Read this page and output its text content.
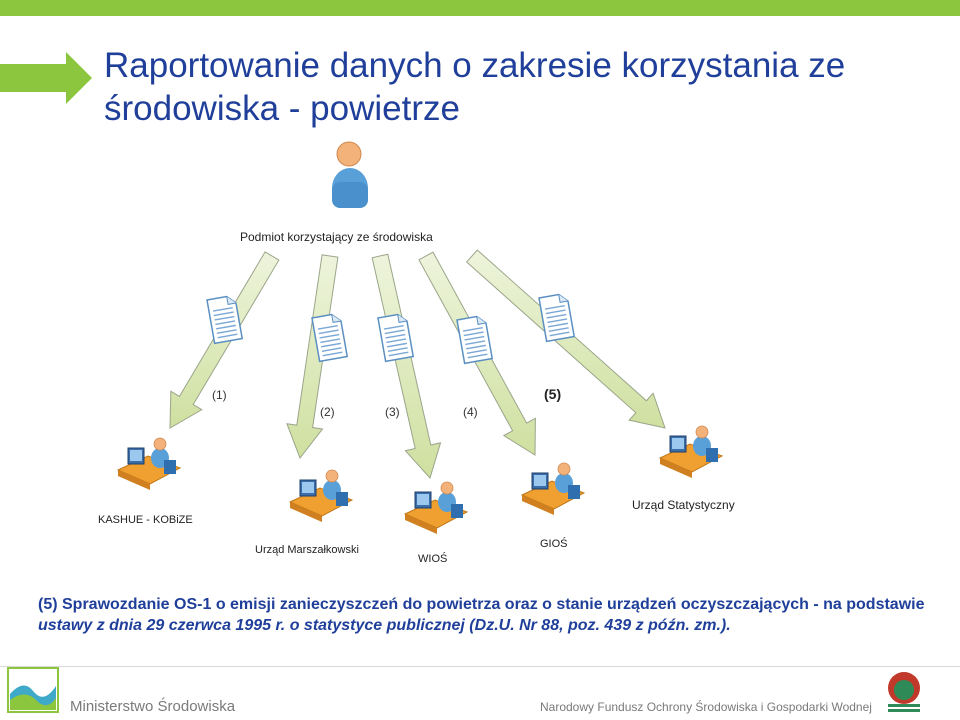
Raportowanie danych o zakresie korzystania ze środowiska - powietrze
Podmiot korzystający ze środowiska
(1)
(2)	(3)	(4)
(5)
KASHUE - KOBiZE
Urząd Marszałkowski
WIOŚ
GIOŚ
Urząd Statystyczny
(5) Sprawozdanie OS-1 o emisji zanieczyszczeń do powietrza oraz o stanie urządzeń oczyszczających - na podstawie ustawy z dnia 29 czerwca 1995 r. o statystyce publicznej (Dz.U. Nr 88, poz. 439 z późn. zm.).
Ministerstwo Środowiska	Narodowy Fundusz Ochrony Środowiska i Gospodarki Wodnej
